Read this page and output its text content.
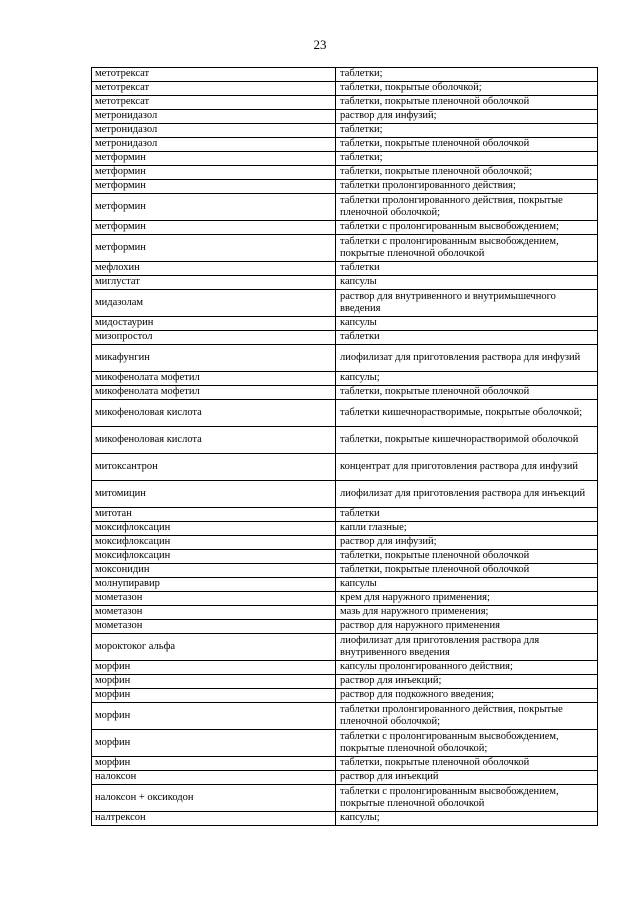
23
метотрексат	таблетки;
метотрексат	таблетки, покрытые оболочкой;
метотрексат	таблетки, покрытые пленочной оболочкой
метронидазол	раствор для инфузий;
метронидазол	таблетки;
метронидазол	таблетки, покрытые пленочной оболочкой
метформин	таблетки;
метформин	таблетки, покрытые пленочной оболочкой;
метформин	таблетки пролонгированного действия;
метформин	таблетки пролонгированного действия, покрытые пленочной оболочкой;
метформин	таблетки с пролонгированным высвобождением;
метформин	таблетки с пролонгированным высвобождением, покрытые пленочной оболочкой
мефлохин	таблетки
миглустат	капсулы
мидазолам	раствор для внутривенного и внутримышечного введения
мидостаурин	капсулы
мизопростол	таблетки
микафунгин	лиофилизат для приготовления раствора для инфузий
микофенолата мофетил	капсулы;
микофенолата мофетил	таблетки, покрытые пленочной оболочкой
микофеноловая кислота	таблетки кишечнорастворимые, покрытые оболочкой;
микофеноловая кислота	таблетки, покрытые кишечнорастворимой оболочкой
митоксантрон	концентрат для приготовления раствора для инфузий
митомицин	лиофилизат для приготовления раствора для инъекций
митотан	таблетки
моксифлоксацин	капли глазные;
моксифлоксацин	раствор для инфузий;
моксифлоксацин	таблетки, покрытые пленочной оболочкой
моксонидин	таблетки, покрытые пленочной оболочкой
молнупиравир	капсулы
мометазон	крем для наружного применения;
мометазон	мазь для наружного применения;
мометазон	раствор для наружного применения
мороктоког альфа	лиофилизат для приготовления раствора для внутривенного введения
морфин	капсулы пролонгированного действия;
морфин	раствор для инъекций;
морфин	раствор для подкожного введения;
морфин	таблетки пролонгированного действия, покрытые пленочной оболочкой;
морфин	таблетки с пролонгированным высвобождением, покрытые пленочной оболочкой;
морфин	таблетки, покрытые пленочной оболочкой
налоксон	раствор для инъекций
налоксон + оксикодон	таблетки с пролонгированным высвобождением, покрытые пленочной оболочкой
налтрексон	капсулы;
